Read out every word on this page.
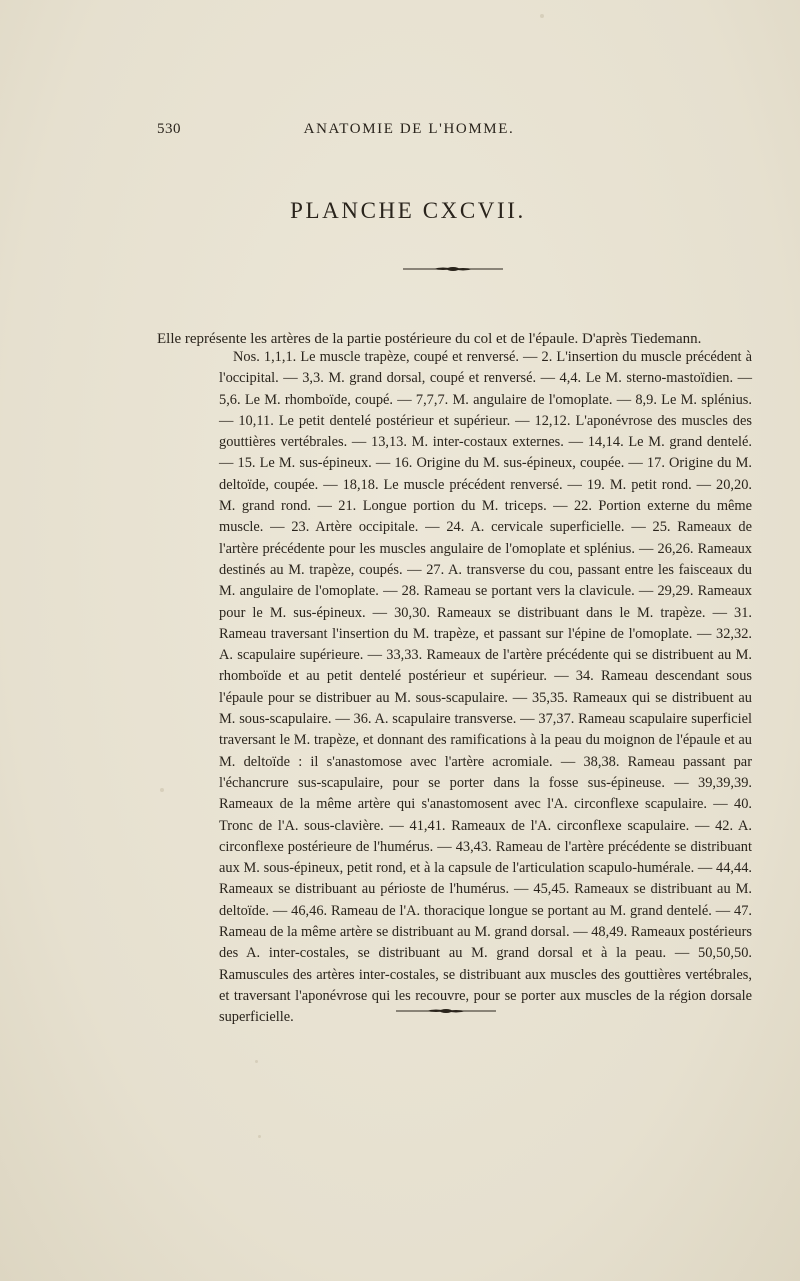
530	ANATOMIE DE L'HOMME.
PLANCHE CXCVII.
Elle représente les artères de la partie postérieure du col et de l'épaule. D'après Tiedemann.
Nos. 1,1,1. Le muscle trapèze, coupé et renversé. — 2. L'insertion du muscle précédent à l'occipital. — 3,3. M. grand dorsal, coupé et renversé. — 4,4. Le M. sterno-mastoïdien. — 5,6. Le M. rhomboïde, coupé. — 7,7,7. M. angulaire de l'omoplate. — 8,9. Le M. splénius. — 10,11. Le petit dentelé postérieur et supérieur. — 12,12. L'aponévrose des muscles des gouttières vertébrales. — 13,13. M. inter-costaux externes. — 14,14. Le M. grand dentelé. — 15. Le M. sus-épineux. — 16. Origine du M. sus-épineux, coupée. — 17. Origine du M. deltoïde, coupée. — 18,18. Le muscle précédent renversé. — 19. M. petit rond. — 20,20. M. grand rond. — 21. Longue portion du M. triceps. — 22. Portion externe du même muscle. — 23. Artère occipitale. — 24. A. cervicale superficielle. — 25. Rameaux de l'artère précédente pour les muscles angulaire de l'omoplate et splénius. — 26,26. Rameaux destinés au M. trapèze, coupés. — 27. A. transverse du cou, passant entre les faisceaux du M. angulaire de l'omoplate. — 28. Rameau se portant vers la clavicule. — 29,29. Rameaux pour le M. sus-épineux. — 30,30. Rameaux se distribuant dans le M. trapèze. — 31. Rameau traversant l'insertion du M. trapèze, et passant sur l'épine de l'omoplate. — 32,32. A. scapulaire supérieure. — 33,33. Rameaux de l'artère précédente qui se distribuent au M. rhomboïde et au petit dentelé postérieur et supérieur. — 34. Rameau descendant sous l'épaule pour se distribuer au M. sous-scapulaire. — 35,35. Rameaux qui se distribuent au M. sous-scapulaire. — 36. A. scapulaire transverse. — 37,37. Rameau scapulaire superficiel traversant le M. trapèze, et donnant des ramifications à la peau du moignon de l'épaule et au M. deltoïde : il s'anastomose avec l'artère acromiale. — 38,38. Rameau passant par l'échancrure sus-scapulaire, pour se porter dans la fosse sus-épineuse. — 39,39,39. Rameaux de la même artère qui s'anastomosent avec l'A. circonflexe scapulaire. — 40. Tronc de l'A. sous-clavière. — 41,41. Rameaux de l'A. circonflexe scapulaire. — 42. A. circonflexe postérieure de l'humérus. — 43,43. Rameau de l'artère précédente se distribuant aux M. sous-épineux, petit rond, et à la capsule de l'articulation scapulo-humérale. — 44,44. Rameaux se distribuant au périoste de l'humérus. — 45,45. Rameaux se distribuant au M. deltoïde. — 46,46. Rameau de l'A. thoracique longue se portant au M. grand dentelé. — 47. Rameau de la même artère se distribuant au M. grand dorsal. — 48,49. Rameaux postérieurs des A. inter-costales, se distribuant au M. grand dorsal et à la peau. — 50,50,50. Ramuscules des artères inter-costales, se distribuant aux muscles des gouttières vertébrales, et traversant l'aponévrose qui les recouvre, pour se porter aux muscles de la région dorsale superficielle.
